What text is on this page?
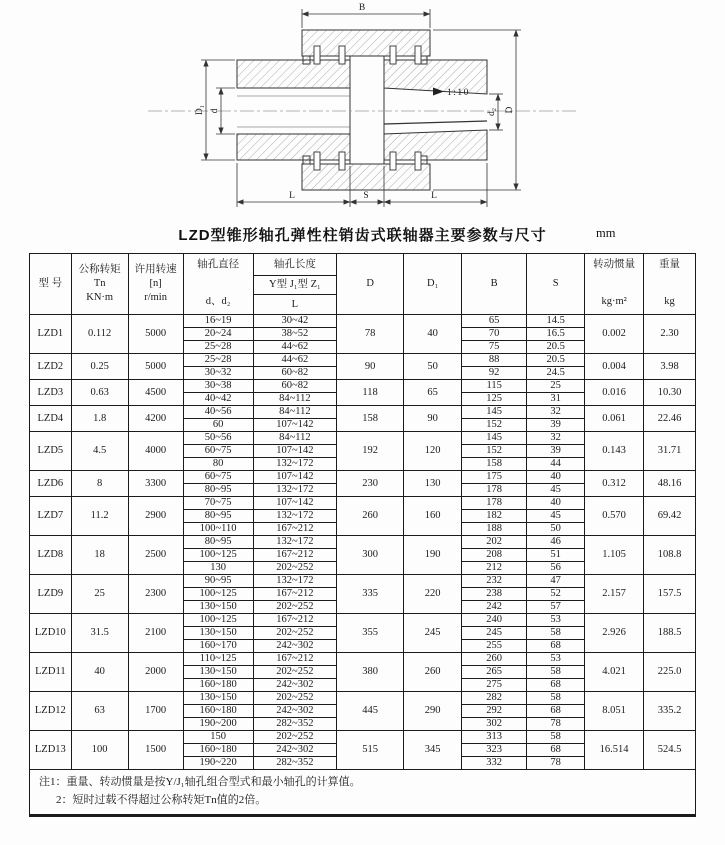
1:10
B
D
d₂
D₁ d
L	S	L
LZD型锥形轴孔弹性柱销齿式联轴器主要参数与尺寸	mm
型 号

公称转矩
Tn
KN·m

许用转速
[n]
r/min

轴孔直径
d、d₂

轴孔长度
Y型 J₁型 Z₁
L

D	D₁	B	S

转动惯量
kg·m²

重量
kg

LZD1	0.112	5000	16~19	30~42	78	40	65	14.5	0.002	2.30
			20~24	38~52			70	16.5		
			25~28	44~62			75	20.5		
LZD2	0.25	5000	25~28	44~62	90	50	88	20.5	0.004	3.98
			30~32	60~82			92	24.5		
LZD3	0.63	4500	30~38	60~82	118	65	115	25	0.016	10.30
			40~42	84~112			125	31		
LZD4	1.8	4200	40~56	84~112	158	90	145	32	0.061	22.46
			60	107~142			152	39		
LZD5	4.5	4000	50~56	84~112	192	120	145	32	0.143	31.71
			60~75	107~142			152	39		
			80	132~172			158	44		
LZD6	8	3300	60~75	107~142	230	130	175	40	0.312	48.16
			80~95	132~172			178	45		
LZD7	11.2	2900	70~75	107~142	260	160	178	40	0.570	69.42
			80~95	132~172			182	45		
			100~110	167~212			188	50		
LZD8	18	2500	80~95	132~172	300	190	202	46	1.105	108.8
			100~125	167~212			208	51		
			130	202~252			212	56		
LZD9	25	2300	90~95	132~172	335	220	232	47	2.157	157.5
			100~125	167~212			238	52		
			130~150	202~252			242	57		
LZD10	31.5	2100	100~125	167~212	355	245	240	53	2.926	188.5
			130~150	202~252			245	58		
			160~170	242~302			255	68		
LZD11	40	2000	110~125	167~212	380	260	260	53	4.021	225.0
			130~150	202~252			265	58		
			160~180	242~302			275	68		
LZD12	63	1700	130~150	202~252	445	290	282	58	8.051	335.2
			160~180	242~302			292	68		
			190~200	282~352			302	78		
LZD13	100	1500	150	202~252	515	345	313	58	16.514	524.5
			160~180	242~302			323	68		
			190~220	282~352			332	78		

注1：重量、转动惯量是按Y/J₁轴孔组合型式和最小轴孔的计算值。
2：短时过载不得超过公称转矩Tn值的2倍。										
